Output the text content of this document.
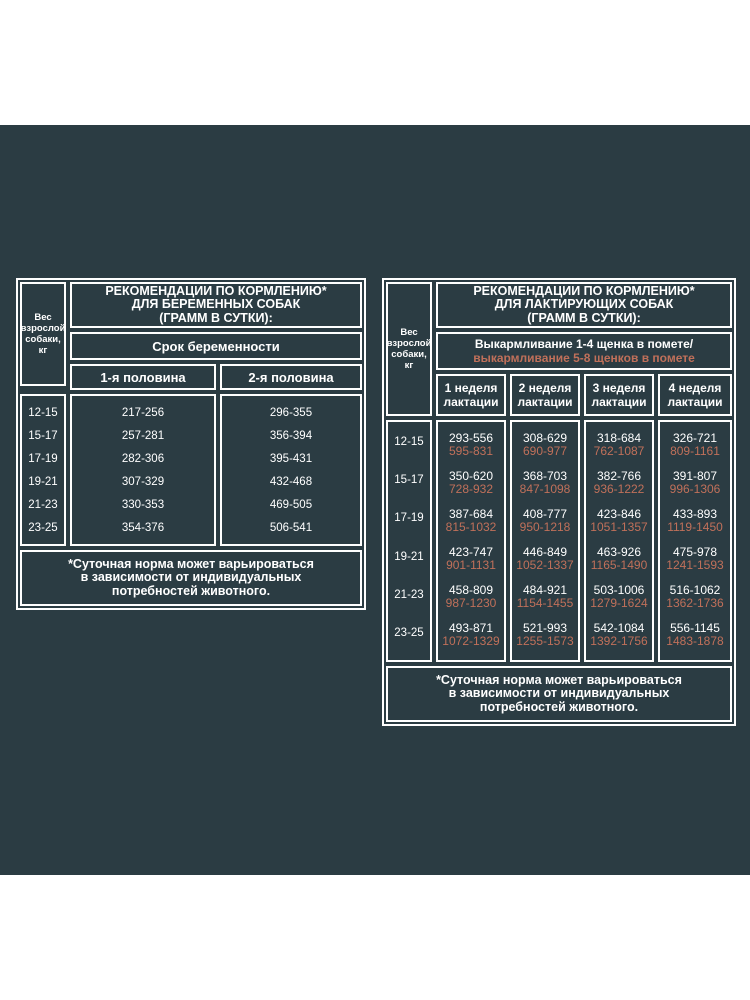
Вес взрослой собаки, кг
РЕКОМЕНДАЦИИ ПО КОРМЛЕНИЮ*
ДЛЯ БЕРЕМЕННЫХ СОБАК
(ГРАММ В СУТКИ):
Срок беременности
1-я половина	2-я половина
12-15
15-17
17-19
19-21
21-23
23-25
217-256
257-281
282-306
307-329
330-353
354-376
296-355
356-394
395-431
432-468
469-505
506-541
*Суточная норма может варьироваться
в зависимости от индивидуальных
потребностей животного.
Вес взрослой собаки, кг
РЕКОМЕНДАЦИИ ПО КОРМЛЕНИЮ*
ДЛЯ ЛАКТИРУЮЩИХ СОБАК
(ГРАММ В СУТКИ):
Выкармливание 1-4 щенка в помете/
выкармливание 5-8 щенков в помете
1 неделя
лактации
2 неделя
лактации
3 неделя
лактации
4 неделя
лактации
12-15
15-17
17-19
19-21
21-23
23-25
293-556
595-831
350-620
728-932
387-684
815-1032
423-747
901-1131
458-809
987-1230
493-871
1072-1329
308-629
690-977
368-703
847-1098
408-777
950-1218
446-849
1052-1337
484-921
1154-1455
521-993
1255-1573
318-684
762-1087
382-766
936-1222
423-846
1051-1357
463-926
1165-1490
503-1006
1279-1624
542-1084
1392-1756
326-721
809-1161
391-807
996-1306
433-893
1119-1450
475-978
1241-1593
516-1062
1362-1736
556-1145
1483-1878
*Суточная норма может варьироваться
в зависимости от индивидуальных
потребностей животного.
